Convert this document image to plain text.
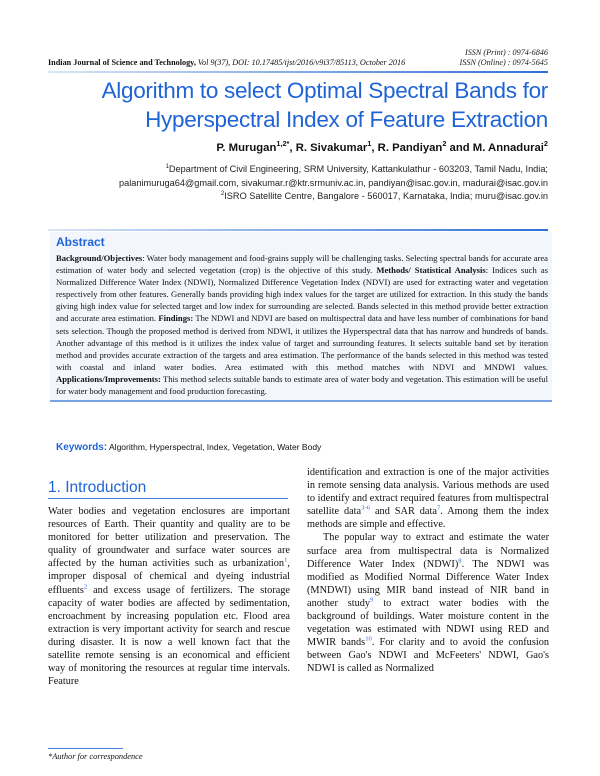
ISSN (Print) : 0974-6846
ISSN (Online) : 0974-5645
Indian Journal of Science and Technology, Vol 9(37), DOI: 10.17485/ijst/2016/v9i37/85113, October 2016
Algorithm to select Optimal Spectral Bands for
Hyperspectral Index of Feature Extraction
P. Murugan$^{1,2*}$, R. Sivakumar$^1$, R. Pandiyan$^2$ and M. Annadurai$^2$
$^1$Department of Civil Engineering, SRM University, Kattankulathur - 603203, Tamil Nadu, India;
palanimuruga64@gmail.com, sivakumar.r@ktr.srmuniv.ac.in, pandiyan@isac.gov.in, madurai@isac.gov.in
$^2$ISRO Satellite Centre, Bangalore - 560017, Karnataka, India; muru@isac.gov.in
Abstract
Background/Objectives: Water body management and food-grains supply will be challenging tasks. Selecting spectral bands for accurate area estimation of water body and selected vegetation (crop) is the objective of this study. Methods/ Statistical Analysis: Indices such as Normalized Difference Water Index (NDWI), Normalized Difference Vegetation Index (NDVI) are used for extracting water and vegetation respectively from other features. Generally bands providing high index values for the target are utilized for extraction. In this study the bands giving high index value for selected target and low index for surrounding are selected. Bands selected in this method provide better extraction and accurate area estimation. Findings: The NDWI and NDVI are based on multispectral data and have less number of combinations for band sets selection. Though the proposed method is derived from NDWI, it utilizes the Hyperspectral data that has narrow and hundreds of bands. Another advantage of this method is it utilizes the index value of target and surrounding features. It selects suitable band set by iteration method and provides accurate extraction of the targets and area estimation. The performance of the bands selected in this method was tested with coastal and inland water bodies. Area estimated with this method matches with NDVI and MNDWI values. Applications/Improvements: This method selects suitable bands to estimate area of water body and vegetation. This estimation will be useful for water body management and food production forecasting.
Keywords: Algorithm, Hyperspectral, Index, Vegetation, Water Body
1. Introduction

Water bodies and vegetation enclosures are important resources of Earth. Their quantity and quality are to be monitored for better utilization and preservation. The quality of groundwater and surface water sources are affected by the human activities such as urbanization$^1$, improper disposal of chemical and dyeing industrial effluents$^2$ and excess usage of fertilizers. The storage capacity of water bodies are affected by sedimentation, encroachment by increasing population etc. Flood area extraction is very important activity for search and rescue during disaster. It is now a well known fact that the satellite remote sensing is an economical and efficient way of monitoring the resources at regular time intervals. Feature

identification and extraction is one of the major activities in remote sensing data analysis. Various methods are used to identify and extract required features from multispectral satellite data$^{3-6}$ and SAR data$^7$. Among them the index methods are simple and effective.

The popular way to extract and estimate the water surface area from multispectral data is Normalized Difference Water Index (NDWI)$^8$. The NDWI was modified as Modified Normal Difference Water Index (MNDWI) using MIR band instead of NIR band in another study$^9$ to extract water bodies with the background of buildings. Water moisture content in the vegetation was estimated with NDWI using RED and MWIR bands$^{10}$. For clarity and to avoid the confusion between Gao's NDWI and McFeeters' NDWI, Gao's NDWI is called as Normalized

*Author for correspondence
